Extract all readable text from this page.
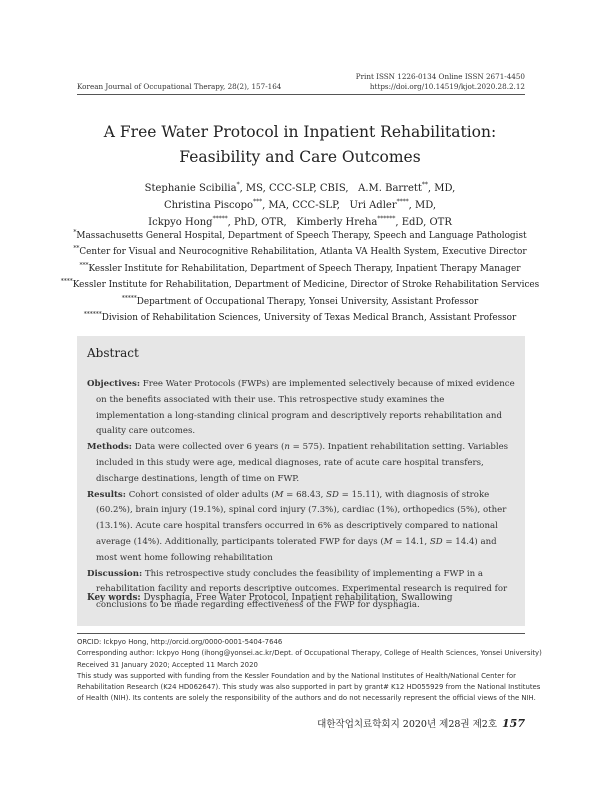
Print ISSN 1226-0134 Online ISSN 2671-4450
https://doi.org/10.14519/kjot.2020.28.2.12
Korean Journal of Occupational Therapy, 28(2), 157-164
A Free Water Protocol in Inpatient Rehabilitation:
Feasibility and Care Outcomes
Stephanie Scibilia*, MS, CCC-SLP, CBIS, A.M. Barrett**, MD,
Christina Piscopo***, MA, CCC-SLP, Uri Adler****, MD,
Ickpyo Hong*****, PhD, OTR, Kimberly Hreha******, EdD, OTR
*Massachusetts General Hospital, Department of Speech Therapy, Speech and Language Pathologist
**Center for Visual and Neurocognitive Rehabilitation, Atlanta VA Health System, Executive Director
***Kessler Institute for Rehabilitation, Department of Speech Therapy, Inpatient Therapy Manager
****Kessler Institute for Rehabilitation, Department of Medicine, Director of Stroke Rehabilitation Services
*****Department of Occupational Therapy, Yonsei University, Assistant Professor
******Division of Rehabilitation Sciences, University of Texas Medical Branch, Assistant Professor
Abstract

Objectives: Free Water Protocols (FWPs) are implemented selectively because of mixed evidence on the benefits associated with their use. This retrospective study examines the implementation a long-standing clinical program and descriptively reports rehabilitation and quality care outcomes.

Methods: Data were collected over 6 years (n = 575). Inpatient rehabilitation setting. Variables included in this study were age, medical diagnoses, rate of acute care hospital transfers, discharge destinations, length of time on FWP.

Results: Cohort consisted of older adults (M = 68.43, SD = 15.11), with diagnosis of stroke (60.2%), brain injury (19.1%), spinal cord injury (7.3%), cardiac (1%), orthopedics (5%), other (13.1%). Acute care hospital transfers occurred in 6% as descriptively compared to national average (14%). Additionally, participants tolerated FWP for days (M = 14.1, SD = 14.4) and most went home following rehabilitation

Discussion: This retrospective study concludes the feasibility of implementing a FWP in a rehabilitation facility and reports descriptive outcomes. Experimental research is required for conclusions to be made regarding effectiveness of the FWP for dysphagia.

Key words: Dysphagia, Free Water Protocol, Inpatient rehabilitation, Swallowing
ORCID: Ickpyo Hong, http://orcid.org/0000-0001-5404-7646
Corresponding author: Ickpyo Hong (ihong@yonsei.ac.kr/Dept. of Occupational Therapy, College of Health Sciences, Yonsei University)
Received 31 January 2020; Accepted 11 March 2020
This study was supported with funding from the Kessler Foundation and by the National Institutes of Health/National Center for
Rehabilitation Research (K24 HD062647). This study was also supported in part by grant# K12 HD055929 from the National Institutes
of Health (NIH). Its contents are solely the responsibility of the authors and do not necessarily represent the official views of the NIH.
대한작업치료학회지 2020년 제28권 제2호 157
